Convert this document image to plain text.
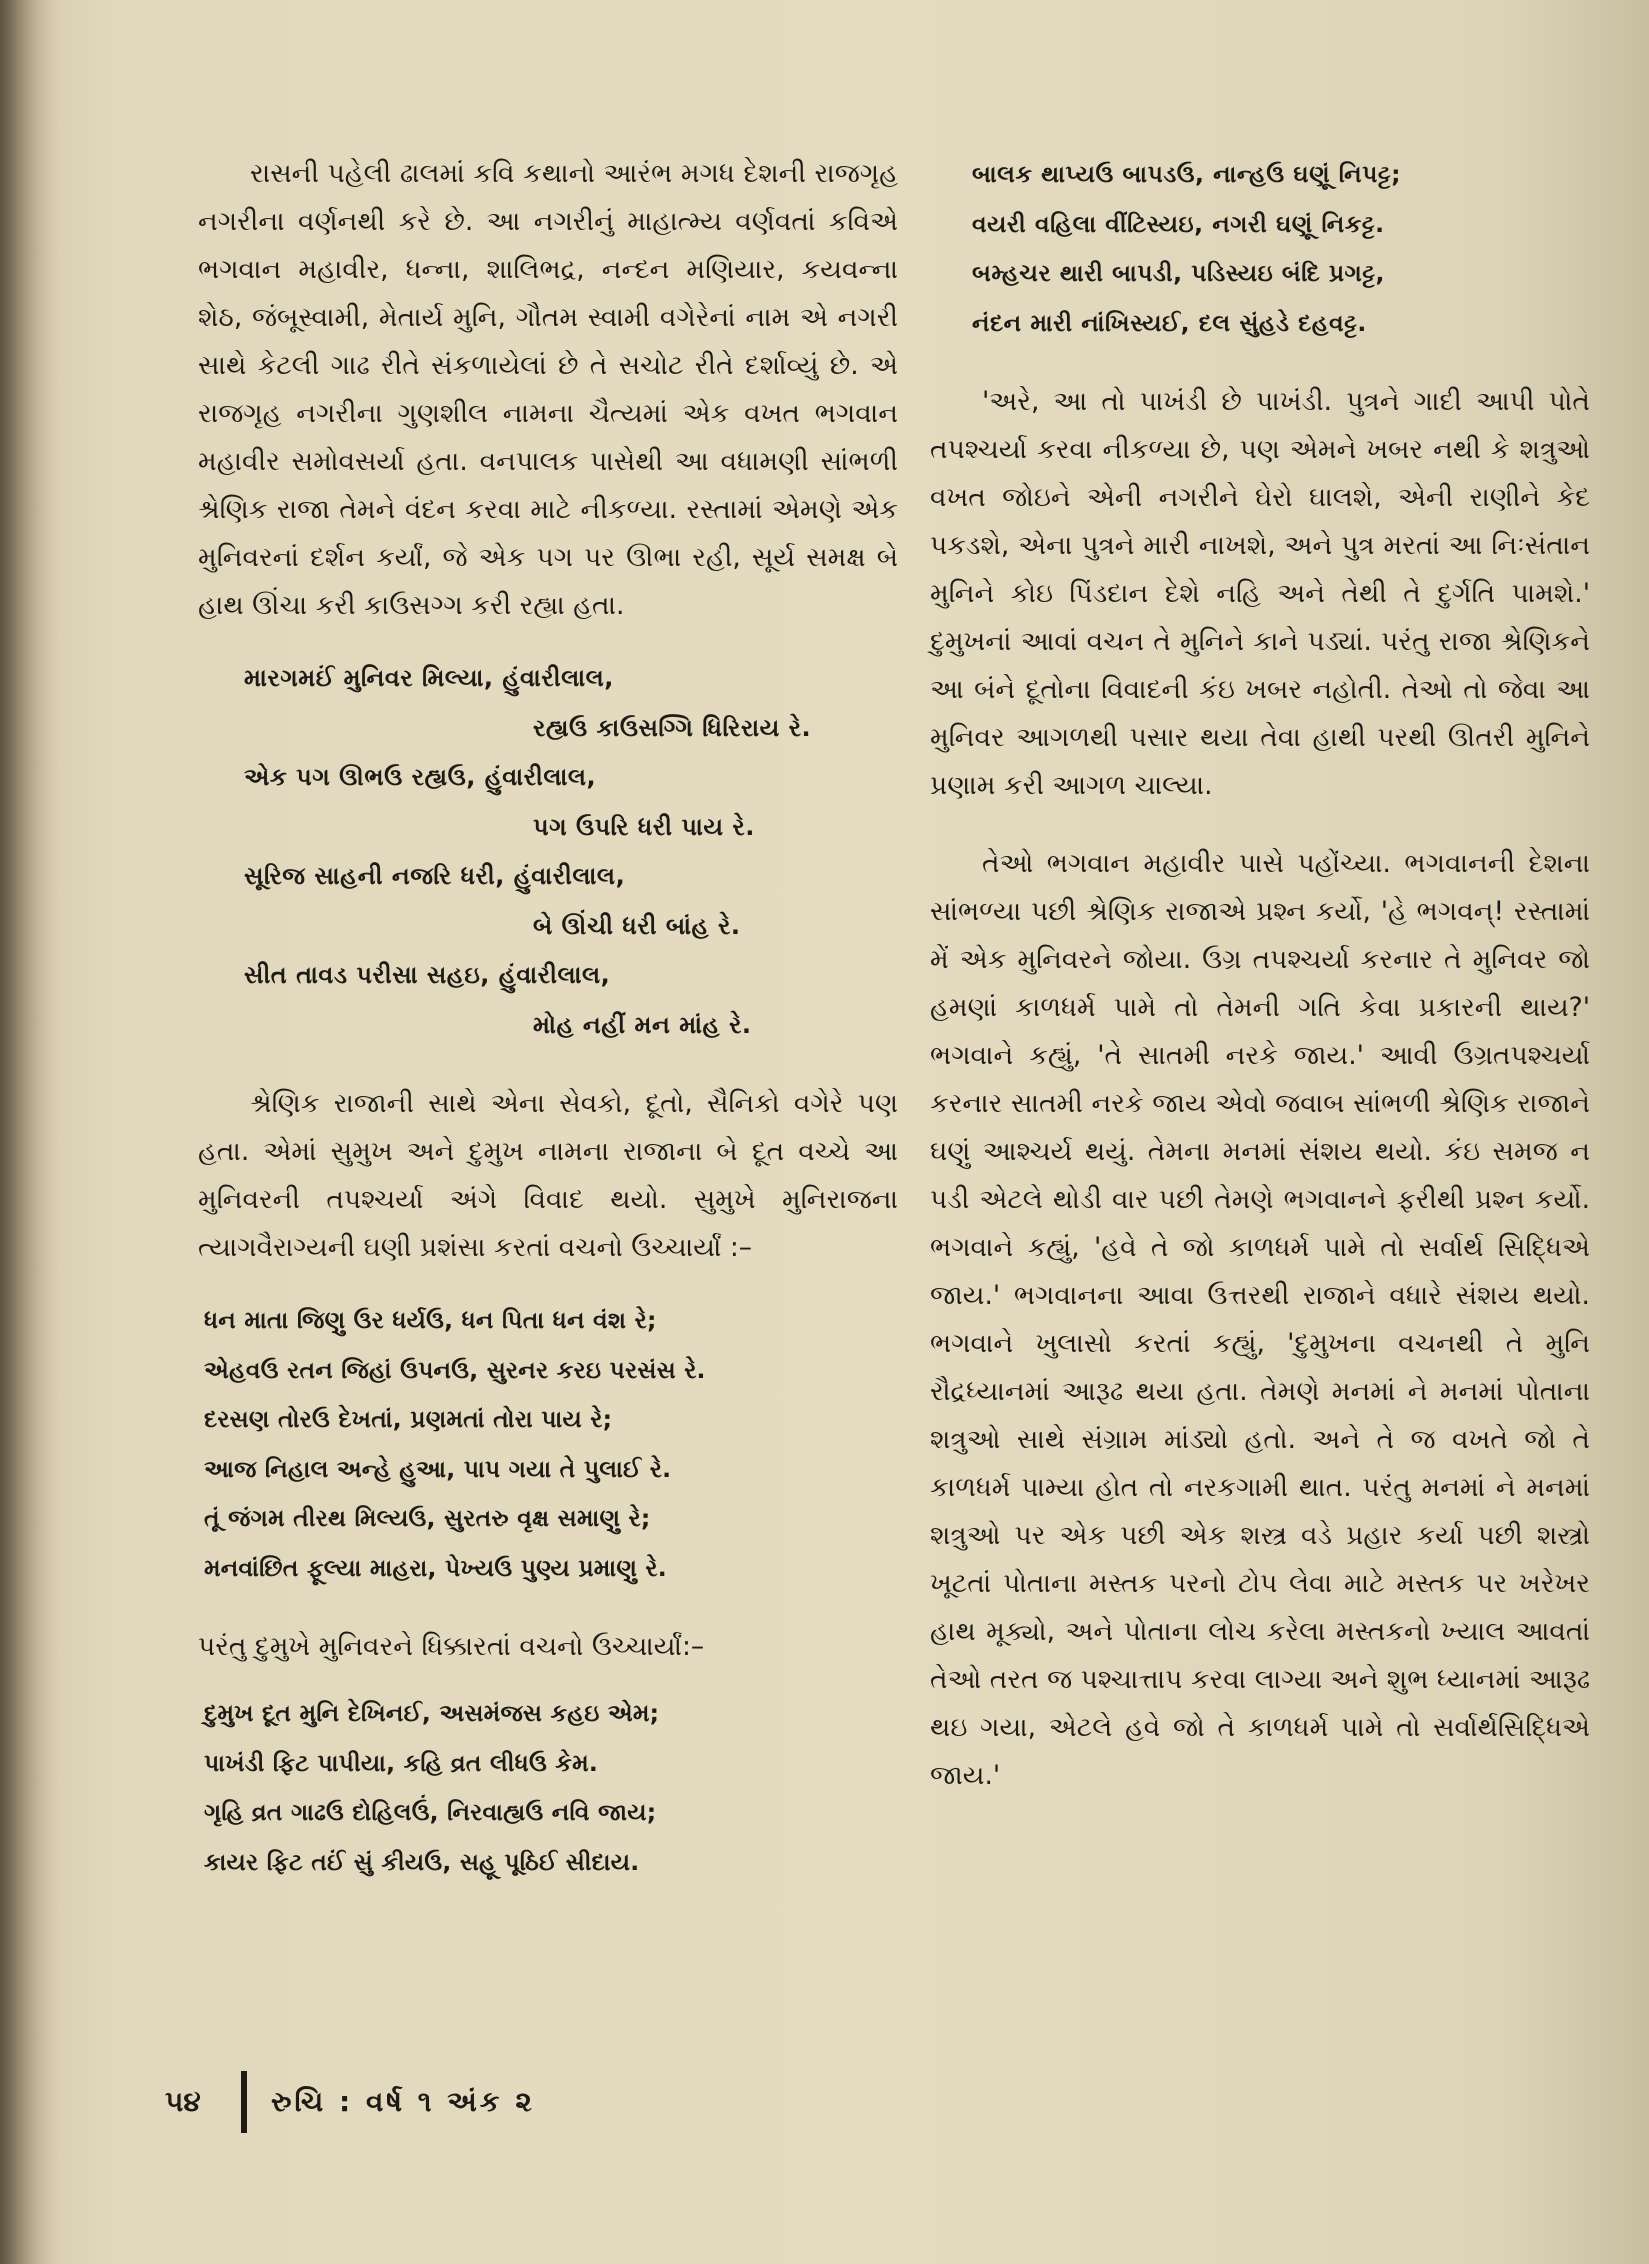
રાસની પહેલી ઢાલમાં કવિ કથાનો આરંભ મગધ દેશની રાજગૃહ નગરીના વર્ણનથી કરે છે. આ નગરીનું માહાત્મ્ય વર્ણવતાં કવિએ ભગવાન મહાવીર, ધન્ના, શાલિભદ્ર, નન્દન મણિયાર, કયવન્ના શેઠ, જંબૂસ્વામી, મેતાર્ય મુનિ, ગૌતમ સ્વામી વગેરેનાં નામ એ નગરી સાથે કેટલી ગાઢ રીતે સંકળાયેલાં છે તે સચોટ રીતે દર્શાવ્યું છે. એ રાજગૃહ નગરીના ગુણશીલ નામના ચૈત્યમાં એક વખત ભગવાન મહાવીર સમોવસર્યા હતા. વનપાલક પાસેથી આ વધામણી સાંભળી શ્રેણિક રાજા તેમને વંદન કરવા માટે નીકળ્યા. રસ્તામાં એમણે એક મુનિવરનાં દર્શન કર્યાં, જે એક પગ પર ઊભા રહી, સૂર્ય સમક્ષ બે હાથ ઊંચા કરી કાઉસગ્ગ કરી રહ્યા હતા.

મારગમઈં મુનિવર મિલ્યા, હુંવારીલાલ,
રહ્યઉ કાઉસગ્ગિ ધિરિરાય રે.
એક પગ ઊભઉ રહ્યઉ, હુંવારીલાલ,
પગ ઉપરિ ધરી પાય રે.
સૂરિજ સાહની નજરિ ધરી, હુંવારીલાલ,
બે ઊંચી ધરી બાંહ રે.
સીત તાવડ પરીસા સહઇ, હુંવારીલાલ,
મોહ નહીં મન માંહ રે.

શ્રેણિક રાજાની સાથે એના સેવકો, દૂતો, સૈનિકો વગેરે પણ હતા. એમાં સુમુખ અને દુમુખ નામના રાજાના બે દૂત વચ્ચે આ મુનિવરની તપશ્ચર્યા અંગે વિવાદ થયો. સુમુખે મુનિરાજના ત્યાગવૈરાગ્યની ઘણી પ્રશંસા કરતાં વચનો ઉચ્ચાર્યાં :–

ધન માતા જિણુ ઉર ધર્યઉ, ધન પિતા ધન વંશ રે;
એહવઉ રતન જિહાં ઉપનઉ, સુરનર કરઇ પરસંસ રે.
દરસણ તોરઉ દેખતાં, પ્રણમતાં તોરા પાય રે;
આજ નિહાલ અન્હે હુઆ, પાપ ગયા તે પુલાઈ રે.
તૂં જંગમ તીરથ મિલ્યઉ, સુરતરુ વૃક્ષ સમાણુ રે;
મનવાંછિત ફૂલ્યા માહરા, પેખ્યઉ પુણ્ય પ્રમાણુ રે.

પરંતુ દુમુખે મુનિવરને ધિક્કારતાં વચનો ઉચ્ચાર્યાં:–

દુમુખ દૂત મુનિ દેખિનઈ, અસમંજસ કહઇ એમ;
પાખંડી ફિટ પાપીયા, કહિ વ્રત લીધઉ કેમ.
ગૃહિ વ્રત ગાઢઉ દોહિલઉં, નિરવાહ્યઉ નવિ જાય;
કાયર ફિટ તઈં સું કીયઉ, સહૂ પૂઠિઈ સીદાય.
બાલક થાપ્યઉ બાપડઉ, નાન્હઉ ઘણૂં નિપટ્ટ;
વયરી વહિલા વીંટિસ્યઇ, નગરી ઘણૂં નિકટ્ટ.
બમ્હચર થારી બાપડી, પડિસ્યઇ બંદિ પ્રગટ્ટ,
નંદન મારી નાંખિસ્યઈ, દલ સુંહડે દહવટ્ટ.

'અરે, આ તો પાખંડી છે પાખંડી. પુત્રને ગાદી આપી પોતે તપશ્ચર્યા કરવા નીકળ્યા છે, પણ એમને ખબર નથી કે શત્રુઓ વખત જોઇને એની નગરીને ઘેરો ઘાલશે, એની રાણીને કેદ પકડશે, એના પુત્રને મારી નાખશે, અને પુત્ર મરતાં આ નિઃસંતાન મુનિને કોઇ પિંડદાન દેશે નહિ અને તેથી તે દુર્ગતિ પામશે.' દુમુખનાં આવાં વચન તે મુનિને કાને પડ્યાં. પરંતુ રાજા શ્રેણિકને આ બંને દૂતોના વિવાદની કંઇ ખબર નહોતી. તેઓ તો જેવા આ મુનિવર આગળથી પસાર થયા તેવા હાથી પરથી ઊતરી મુનિને પ્રણામ કરી આગળ ચાલ્યા.

તેઓ ભગવાન મહાવીર પાસે પહોંચ્યા. ભગવાનની દેશના સાંભળ્યા પછી શ્રેણિક રાજાએ પ્રશ્ન કર્યો, 'હે ભગવન્! રસ્તામાં મેં એક મુનિવરને જોયા. ઉગ્ર તપશ્ચર્યા કરનાર તે મુનિવર જો હમણાં કાળધર્મ પામે તો તેમની ગતિ કેવા પ્રકારની થાય?' ભગવાને કહ્યું, 'તે સાતમી નરકે જાય.' આવી ઉગ્રતપશ્ચર્યા કરનાર સાતમી નરકે જાય એવો જવાબ સાંભળી શ્રેણિક રાજાને ઘણું આશ્ચર્ય થયું. તેમના મનમાં સંશય થયો. કંઇ સમજ ન પડી એટલે થોડી વાર પછી તેમણે ભગવાનને ફરીથી પ્રશ્ન કર્યો. ભગવાને કહ્યું, 'હવે તે જો કાળધર્મ પામે તો સર્વાર્થ સિદ્ધિએ જાય.' ભગવાનના આવા ઉત્તરથી રાજાને વધારે સંશય થયો. ભગવાને ખુલાસો કરતાં કહ્યું, 'દુમુખના વચનથી તે મુનિ રૌદ્રધ્યાનમાં આરૂઢ થયા હતા. તેમણે મનમાં ને મનમાં પોતાના શત્રુઓ સાથે સંગ્રામ માંડ્યો હતો. અને તે જ વખતે જો તે કાળધર્મ પામ્યા હોત તો નરકગામી થાત. પરંતુ મનમાં ને મનમાં શત્રુઓ પર એક પછી એક શસ્ત્ર વડે પ્રહાર કર્યા પછી શસ્ત્રો ખૂટતાં પોતાના મસ્તક પરનો ટોપ લેવા માટે મસ્તક પર ખરેખર હાથ મૂક્યો, અને પોતાના લોચ કરેલા મસ્તકનો ખ્યાલ આવતાં તેઓ તરત જ પશ્ચાત્તાપ કરવા લાગ્યા અને શુભ ધ્યાનમાં આરૂઢ થઇ ગયા, એટલે હવે જો તે કાળધર્મ પામે તો સર્વાર્થસિદ્ધિએ જાય.'

૫૪	રુચિ : વર્ષ ૧ અંક ૨
